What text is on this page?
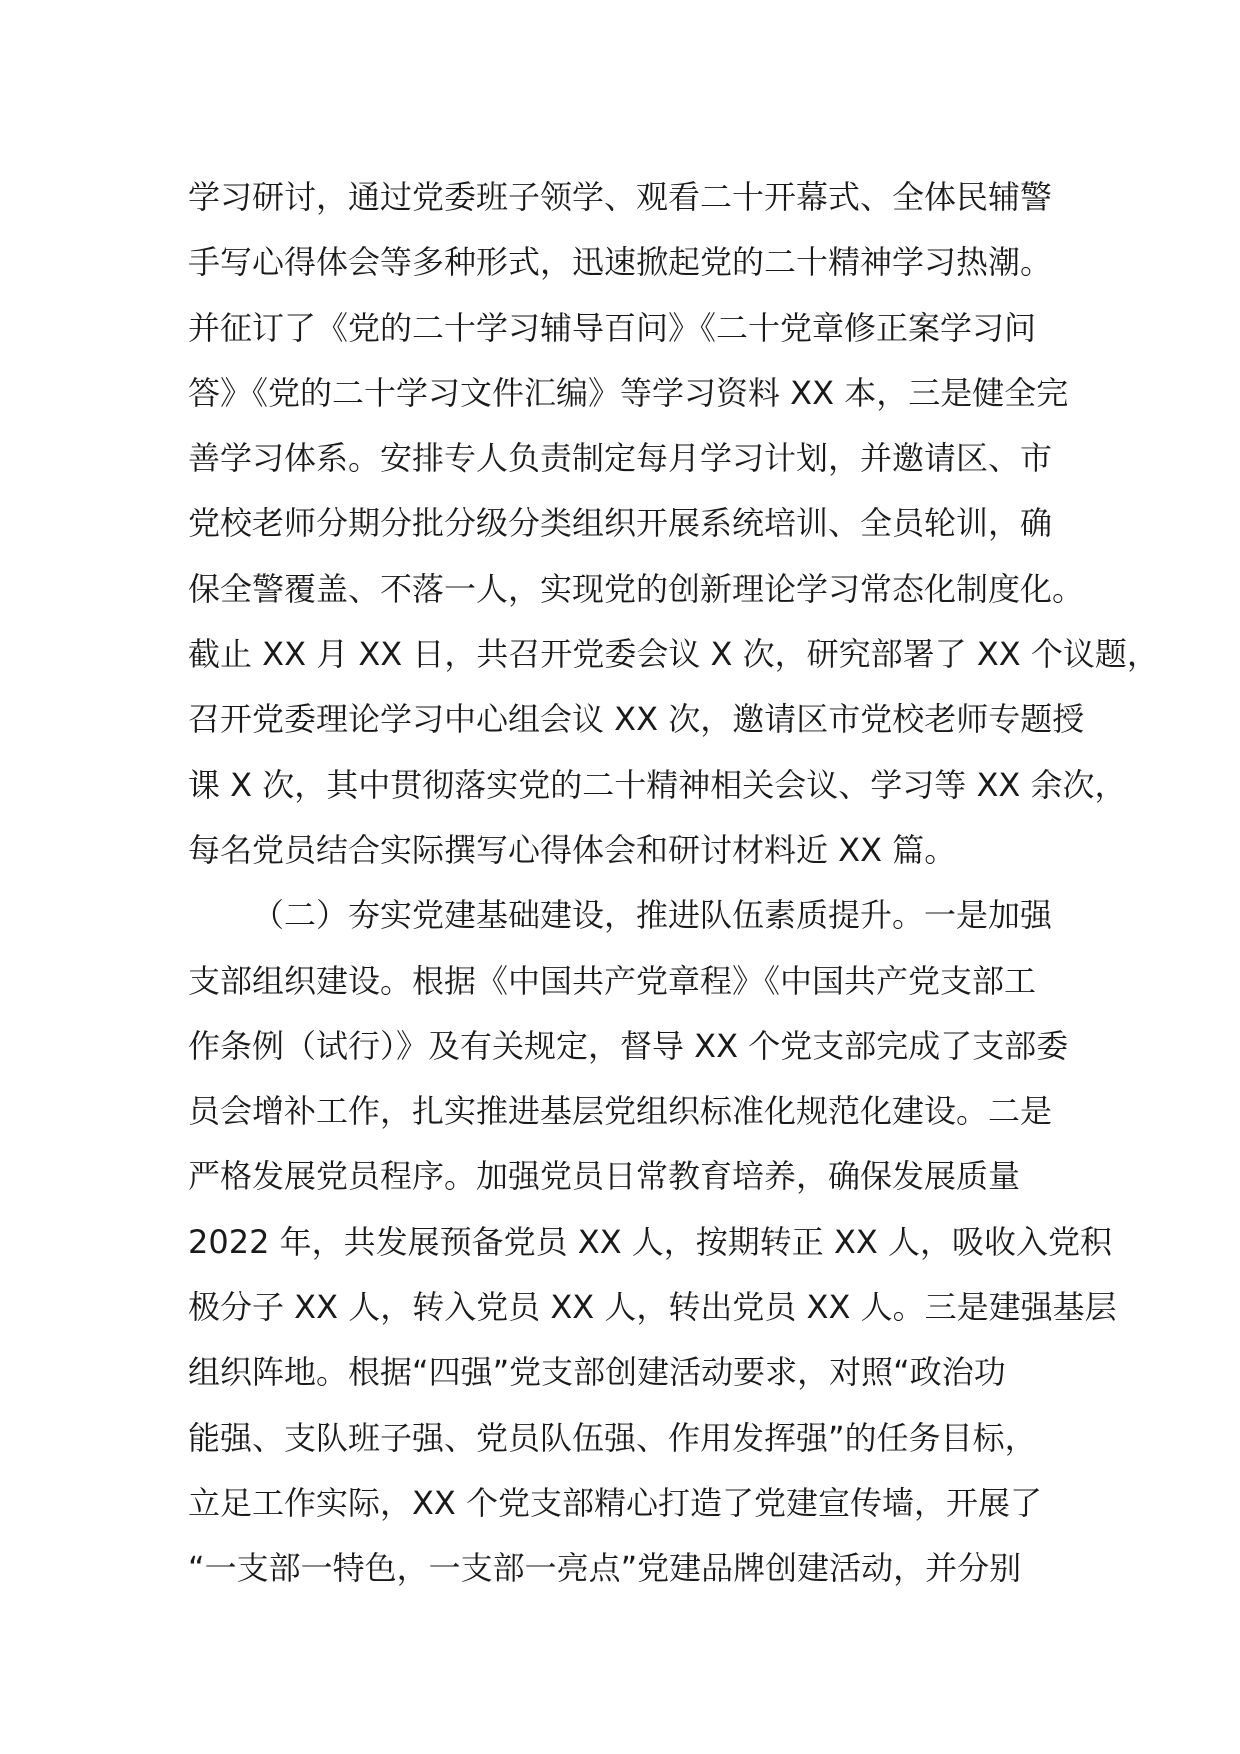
学习研讨，通过党委班子领学、观看二十开幕式、全体民辅警
手写心得体会等多种形式，迅速掀起党的二十精神学习热潮。
并征订了《党的二十学习辅导百问》《二十党章修正案学习问
答》《党的二十学习文件汇编》等学习资料 XX 本，三是健全完
善学习体系。安排专人负责制定每月学习计划，并邀请区、市
党校老师分期分批分级分类组织开展系统培训、全员轮训，确
保全警覆盖、不落一人，实现党的创新理论学习常态化制度化。
截止 XX 月 XX 日，共召开党委会议 X 次，研究部署了 XX 个议题，
召开党委理论学习中心组会议 XX 次，邀请区市党校老师专题授
课 X 次，其中贯彻落实党的二十精神相关会议、学习等 XX 余次，
每名党员结合实际撰写心得体会和研讨材料近 XX 篇。
（二）夯实党建基础建设，推进队伍素质提升。一是加强
支部组织建设。根据《中国共产党章程》《中国共产党支部工
作条例（试行）》及有关规定，督导 XX 个党支部完成了支部委
员会增补工作，扎实推进基层党组织标准化规范化建设。二是
严格发展党员程序。加强党员日常教育培养，确保发展质量
2022 年，共发展预备党员 XX 人，按期转正 XX 人，吸收入党积
极分子 XX 人，转入党员 XX 人，转出党员 XX 人。三是建强基层
组织阵地。根据“四强”党支部创建活动要求，对照“政治功
能强、支队班子强、党员队伍强、作用发挥强”的任务目标，
立足工作实际，XX 个党支部精心打造了党建宣传墙，开展了
“一支部一特色，一支部一亮点”党建品牌创建活动，并分别
